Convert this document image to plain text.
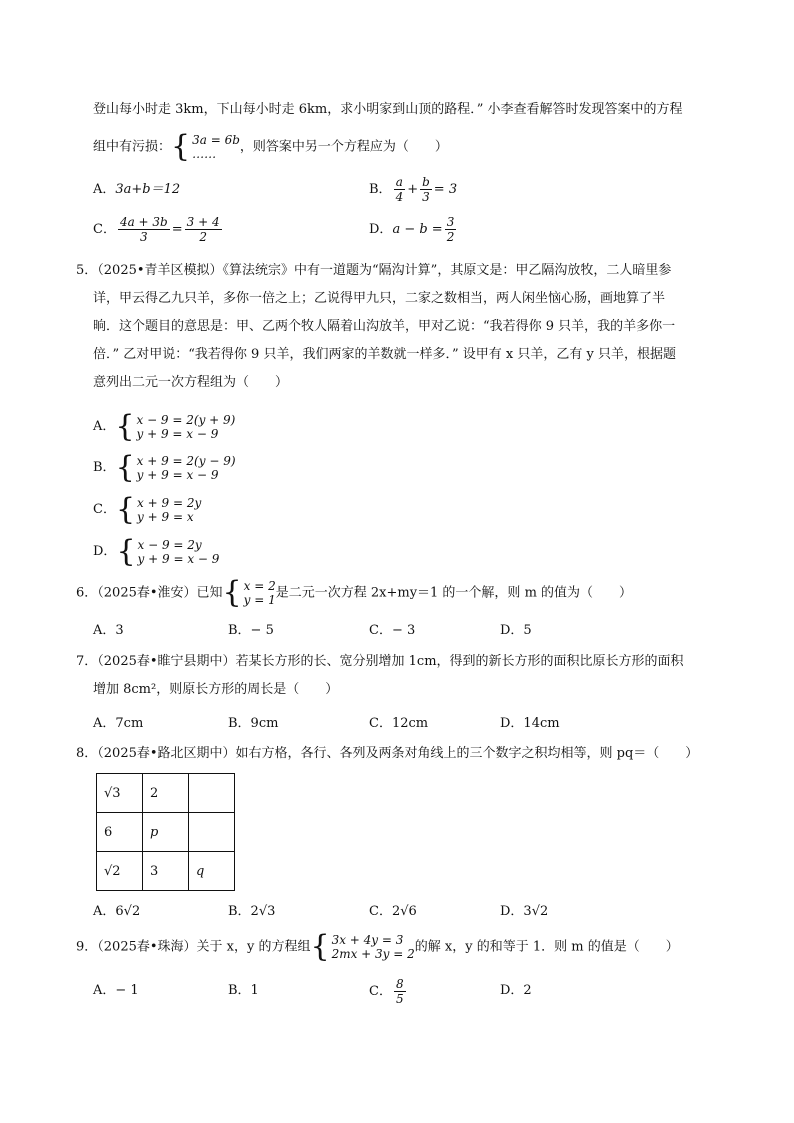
登山每小时走 3km，下山每小时走 6km，求小明家到山顶的路程．” 小李查看解答时发现答案中的方程
组中有污损： { 3a = 6b
……	，则答案中另一个方程应为（　　）
A．3a+b＝12	B． $\frac{a}{4} + \frac{b}{3} = 3$
C． $\frac{4a + 3b}{3} = \frac{3 + 4}{2}$	D．$a - b = \frac{3}{2}$
5．（2025•青羊区模拟）《算法统宗》中有一道题为“隔沟计算”，其原文是：甲乙隔沟放牧，二人暗里参
详，甲云得乙九只羊，多你一倍之上；乙说得甲九只，二家之数相当，两人闲坐恼心肠，画地算了半
晌．这个题目的意思是：甲、乙两个牧人隔着山沟放羊，甲对乙说：“我若得你 9 只羊，我的羊多你一
倍．” 乙对甲说：“我若得你 9 只羊，我们两家的羊数就一样多．” 设甲有 x 只羊，乙有 y 只羊，根据题
意列出二元一次方程组为（　　）
A． { x − 9 = 2(y + 9)
y + 9 = x − 9
B． { x + 9 = 2(y − 9)
y + 9 = x − 9
C． { x + 9 = 2y
y + 9 = x
D． { x − 9 = 2y
y + 9 = x − 9
6．（2025春•淮安）已知 { x = 2
y = 1 是二元一次方程 2x+my＝1 的一个解，则 m 的值为（　　）
A．3	B．− 5	C．− 3	D．5
7．（2025春•睢宁县期中）若某长方形的长、宽分别增加 1cm，得到的新长方形的面积比原长方形的面积
增加 8cm²，则原长方形的周长是（　　）
A．7cm	B．9cm	C．12cm	D．14cm
8．（2025春•路北区期中）如右方格，各行、各列及两条对角线上的三个数字之积均相等，则 pq＝（　　）
√3	2	
6	p	
√2	3	q
A．6√2	B．2√3	C．2√6	D．3√2
9．（2025春•珠海）关于 x，y 的方程组 { 3x + 4y = 3
2mx + 3y = 2 的解 x，y 的和等于 1．则 m 的值是（　　）
A．− 1	B．1	C． $\frac{8}{5}$	D．2
